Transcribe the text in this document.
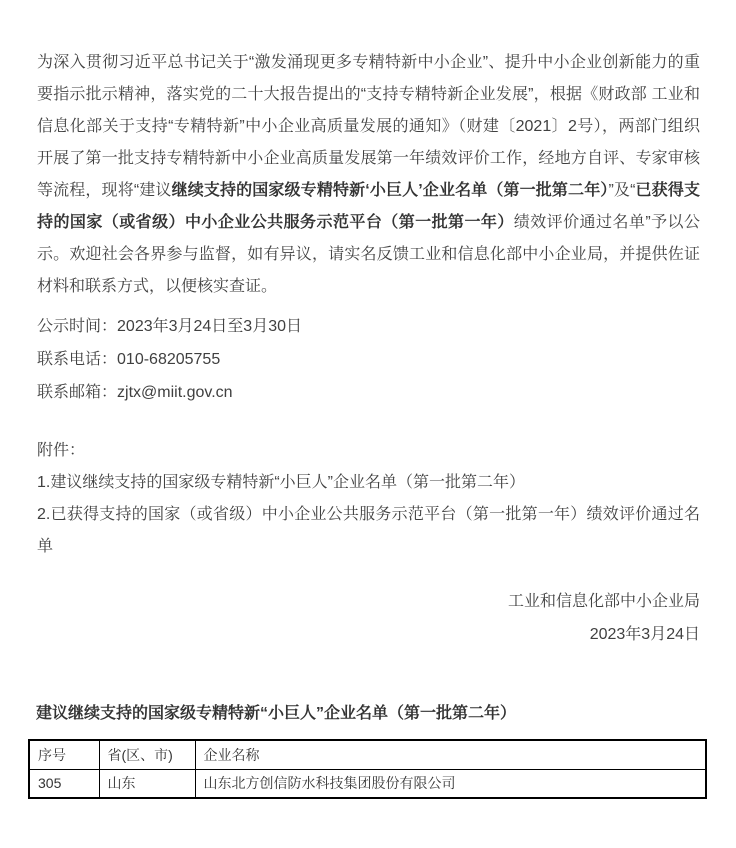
为深入贯彻习近平总书记关于“激发涌现更多专精特新中小企业”、提升中小企业创新能力的重要指示批示精神，落实党的二十大报告提出的“支持专精特新企业发展”，根据《财政部 工业和信息化部关于支持“专精特新”中小企业高质量发展的通知》（财建〔2021〕2号），两部门组织开展了第一批支持专精特新中小企业高质量发展第一年绩效评价工作，经地方自评、专家审核等流程，现将“建议继续支持的国家级专精特新‘小巨人’企业名单（第一批第二年）”及“已获得支持的国家（或省级）中小企业公共服务示范平台（第一批第一年）绩效评价通过名单”予以公示。欢迎社会各界参与监督，如有异议，请实名反馈工业和信息化部中小企业局，并提供佐证材料和联系方式，以便核实查证。

公示时间：2023年3月24日至3月30日
联系电话：010-68205755
联系邮箱：zjtx@miit.gov.cn

附件：

1.建议继续支持的国家级专精特新“小巨人”企业名单（第一批第二年）

2.已获得支持的国家（或省级）中小企业公共服务示范平台（第一批第一年）绩效评价通过名单

工业和信息化部中小企业局
2023年3月24日
建议继续支持的国家级专精特新“小巨人”企业名单（第一批第二年）
序号	省(区、市)	企业名称
305	山东	山东北方创信防水科技集团股份有限公司
